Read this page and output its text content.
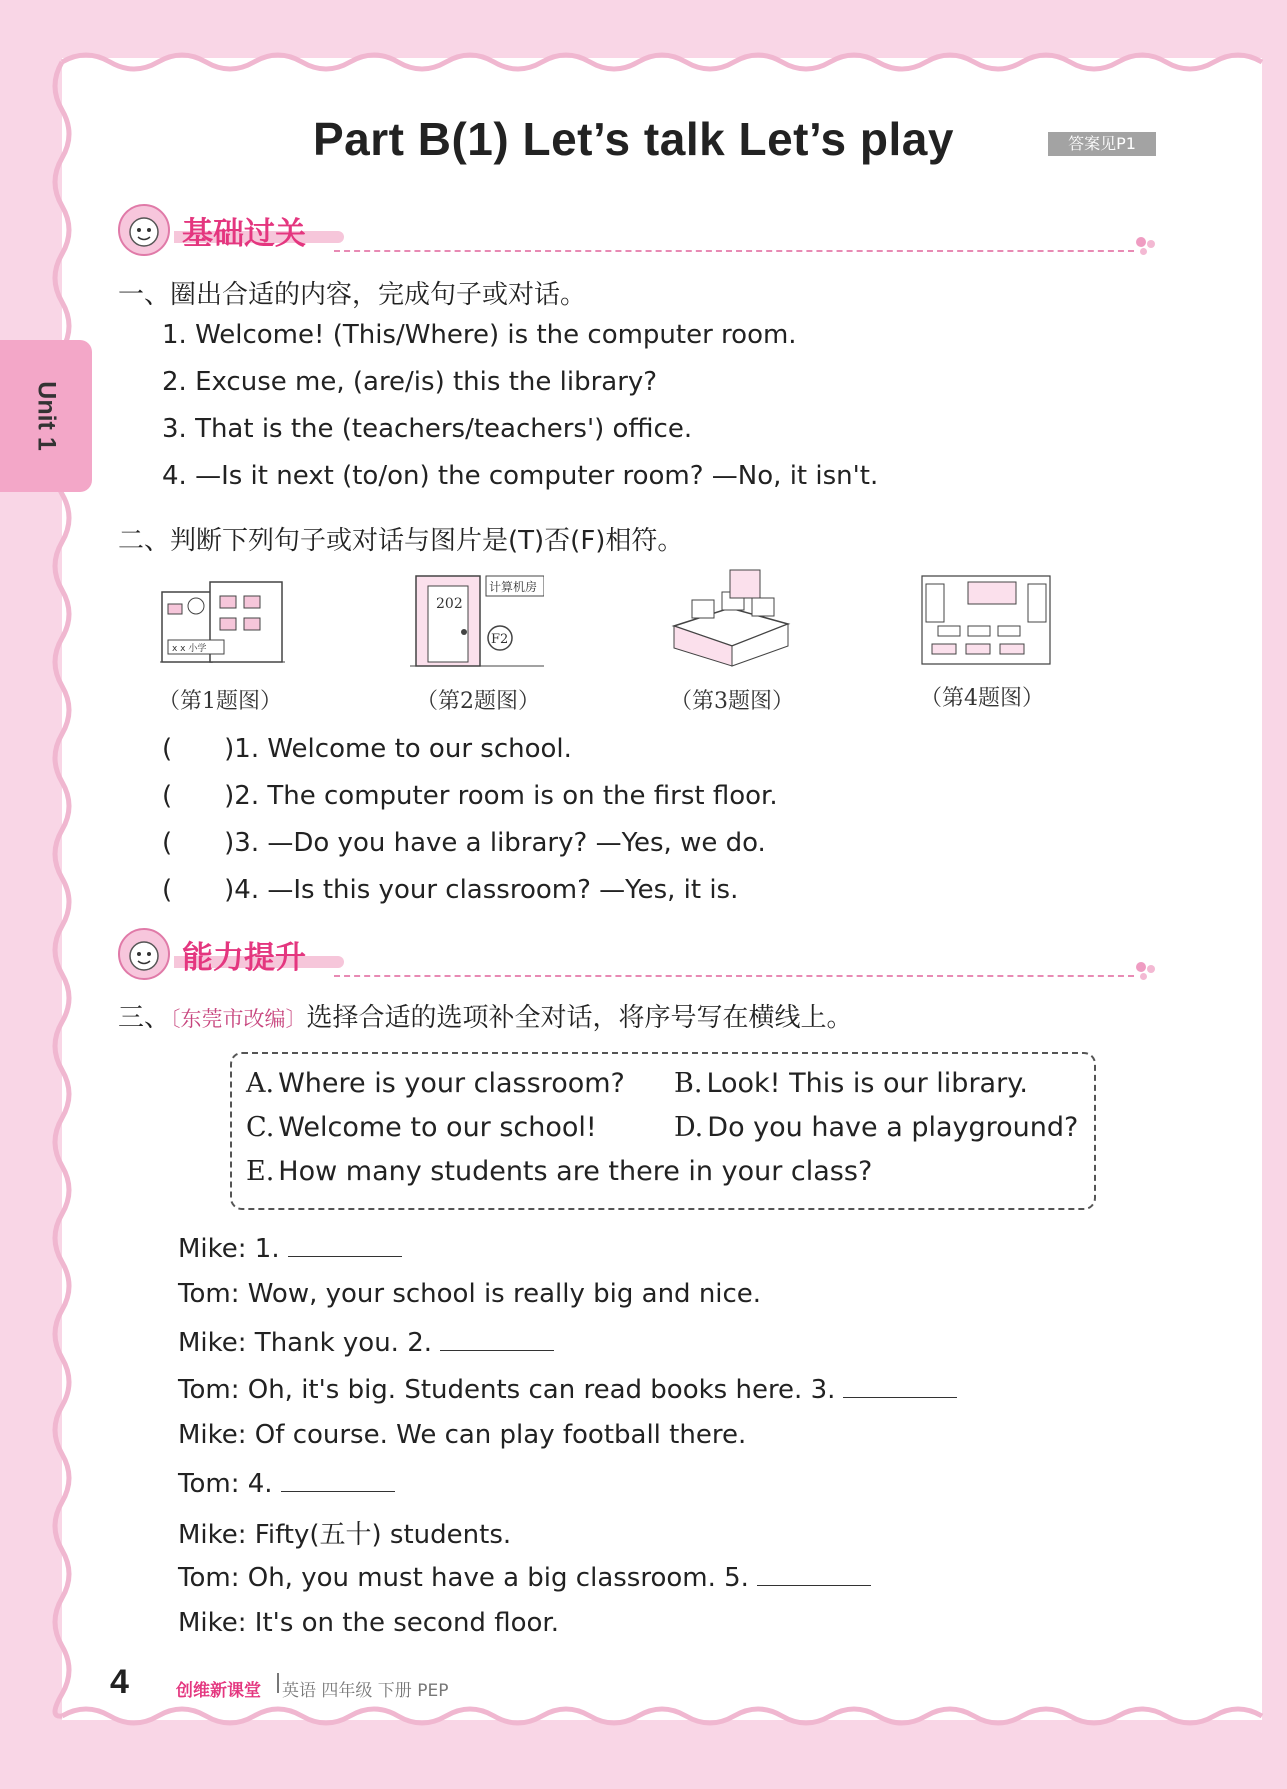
Part B(1) Let’s talk Let’s play	答案见P1
Unit 1
基础过关
一、圈出合适的内容，完成句子或对话。
1. Welcome! (This/Where) is the computer room.
2. Excuse me, (are/is) this the library?
3. That is the (teachers/teachers') office.
4. —Is it next (to/on) the computer room? —No, it isn't.
二、判断下列句子或对话与图片是(T)否(F)相符。
x x 小学
（第1题图）
202
计算机房
F2
（第2题图）	（第3题图）	（第4题图）
(　　)1. Welcome to our school.
(　　)2. The computer room is on the first floor.
(　　)3. —Do you have a library? —Yes, we do.
(　　)4. —Is this your classroom? —Yes, it is.
能力提升
三、〔东莞市改编〕选择合适的选项补全对话，将序号写在横线上。
A. Where is your classroom? B. Look! This is our library.
C. Welcome to our school!	D. Do you have a playground?
E. How many students are there in your class?
Mike: 1.
Tom: Wow, your school is really big and nice.
Mike: Thank you. 2.
Tom: Oh, it's big. Students can read books here. 3.
Mike: Of course. We can play football there.
Tom: 4.
Mike: Fifty(五十) students.
Tom: Oh, you must have a big classroom. 5.
Mike: It's on the second floor.
4	创维新课堂 英语 四年级 下册 PEP
